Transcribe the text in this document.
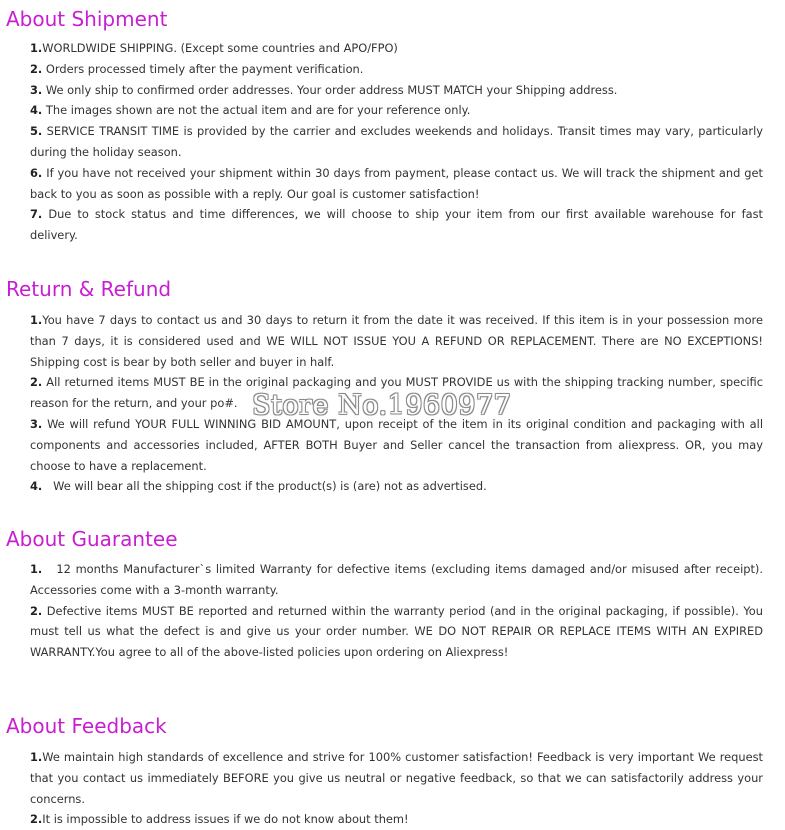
About Shipment
1.WORLDWIDE SHIPPING. (Except some countries and APO/FPO)
2. Orders processed timely after the payment verification.
3. We only ship to confirmed order addresses. Your order address MUST MATCH your Shipping address.
4. The images shown are not the actual item and are for your reference only.
5. SERVICE TRANSIT TIME is provided by the carrier and excludes weekends and holidays. Transit times may vary, particularly during the holiday season.
6. If you have not received your shipment within 30 days from payment, please contact us. We will track the shipment and get back to you as soon as possible with a reply. Our goal is customer satisfaction!
7. Due to stock status and time differences, we will choose to ship your item from our first available warehouse for fast delivery.
Return & Refund
1.You have 7 days to contact us and 30 days to return it from the date it was received. If this item is in your possession more than 7 days, it is considered used and WE WILL NOT ISSUE YOU A REFUND OR REPLACEMENT. There are NO EXCEPTIONS! Shipping cost is bear by both seller and buyer in half.
2. All returned items MUST BE in the original packaging and you MUST PROVIDE us with the shipping tracking number, specific reason for the return, and your po#.
3. We will refund YOUR FULL WINNING BID AMOUNT, upon receipt of the item in its original condition and packaging with all components and accessories included, AFTER BOTH Buyer and Seller cancel the transaction from aliexpress. OR, you may choose to have a replacement.
4.   We will bear all the shipping cost if the product(s) is (are) not as advertised.
About Guarantee
1.   12 months Manufacturer`s limited Warranty for defective items (excluding items damaged and/or misused after receipt). Accessories come with a 3-month warranty.
2. Defective items MUST BE reported and returned within the warranty period (and in the original packaging, if possible). You must tell us what the defect is and give us your order number. WE DO NOT REPAIR OR REPLACE ITEMS WITH AN EXPIRED WARRANTY.You agree to all of the above-listed policies upon ordering on Aliexpress!
About Feedback
1.We maintain high standards of excellence and strive for 100% customer satisfaction! Feedback is very important We request that you contact us immediately BEFORE you give us neutral or negative feedback, so that we can satisfactorily address your concerns.
2.It is impossible to address issues if we do not know about them!
Store No.1960977
